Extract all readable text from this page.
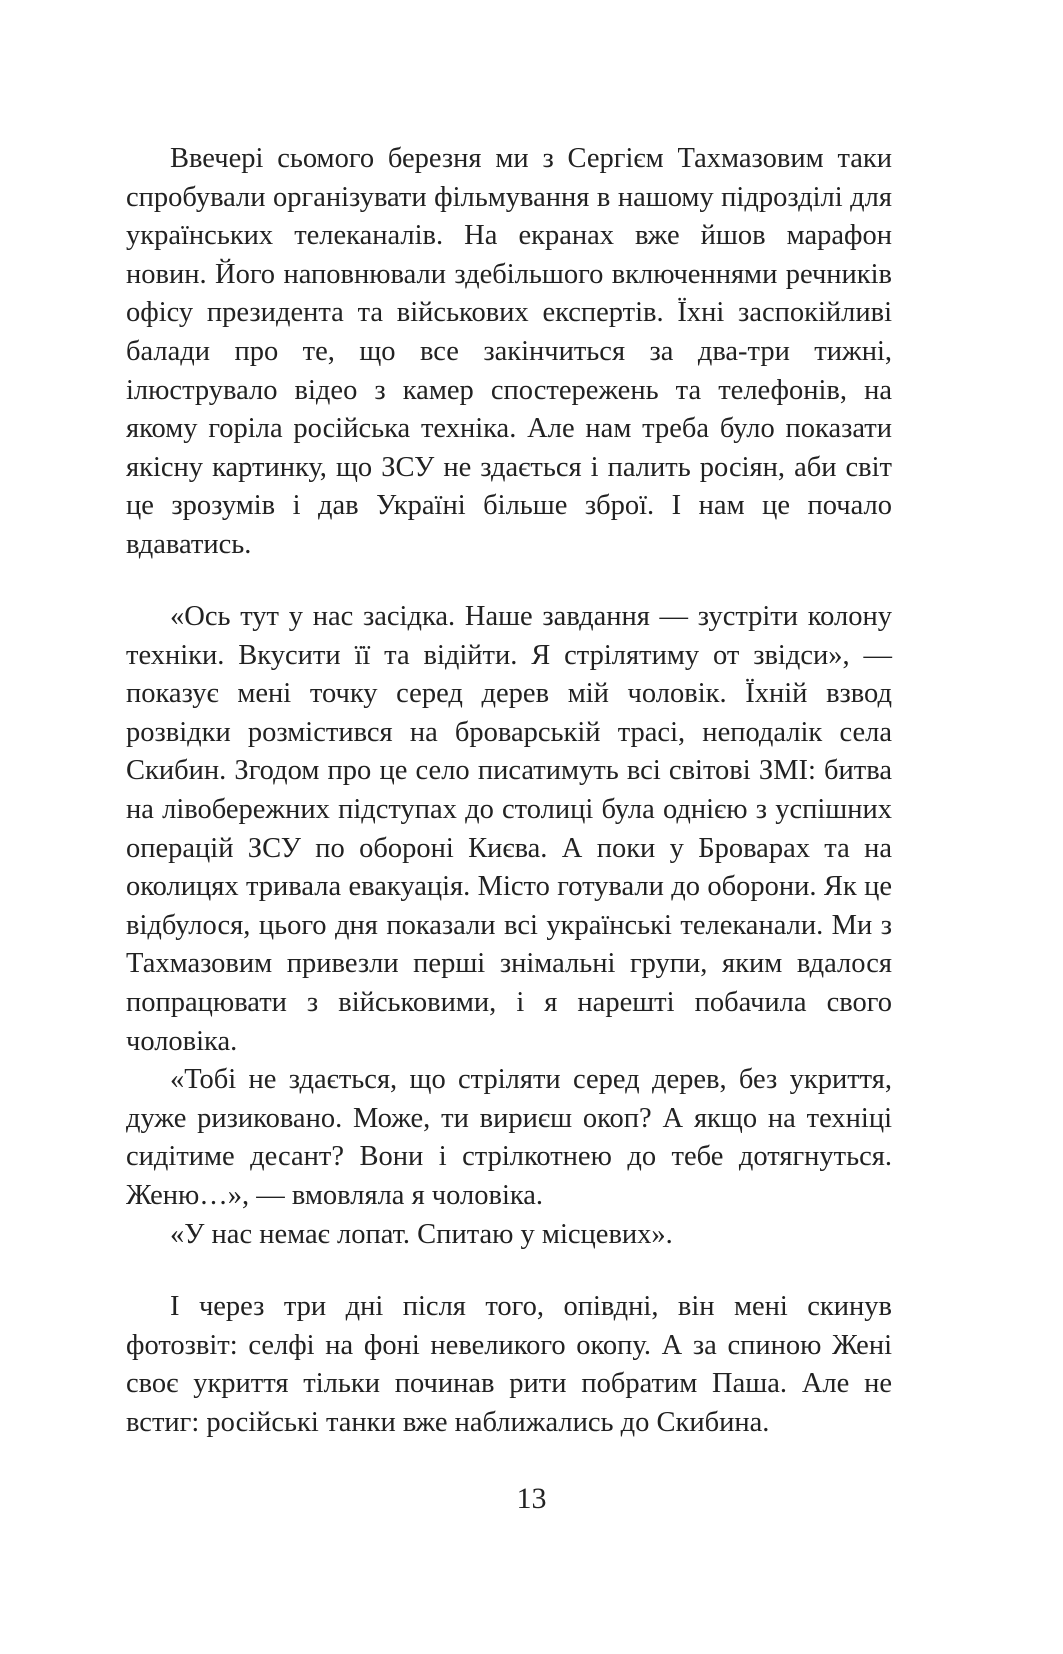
Ввечері сьомого березня ми з Сергієм Тахмазовим таки спробували організувати фільмування в нашому підрозділі для українських телеканалів. На екранах вже йшов марафон новин. Його наповнювали здебільшого включеннями речників офісу президента та військових експертів. Їхні заспокійливі балади про те, що все закінчиться за два-три тижні, ілюструвало відео з камер спостережень та телефонів, на якому горіла російська техніка. Але нам треба було показати якісну картинку, що ЗСУ не здається і палить росіян, аби світ це зрозумів і дав Україні більше зброї. І нам це почало вдаватись.

«Ось тут у нас засідка. Наше завдання — зустріти колону техніки. Вкусити її та відійти. Я стрілятиму от звідси», — показує мені точку серед дерев мій чоловік. Їхній взвод розвідки розмістився на броварській трасі, неподалік села Скибин. Згодом про це село писатимуть всі світові ЗМІ: битва на лівобережних підступах до столиці була однією з успішних операцій ЗСУ по обороні Києва. А поки у Броварах та на околицях тривала евакуація. Місто готували до оборони. Як це відбулося, цього дня показали всі українські телеканали. Ми з Тахмазовим привезли перші знімальні групи, яким вдалося попрацювати з військовими, і я нарешті побачила свого чоловіка.

«Тобі не здається, що стріляти серед дерев, без укриття, дуже ризиковано. Може, ти вириєш окоп? А якщо на техніці сидітиме десант? Вони і стрілкотнею до тебе дотягнуться. Женю…», — вмовляла я чоловіка.

«У нас немає лопат. Спитаю у місцевих».

І через три дні після того, опівдні, він мені скинув фотозвіт: селфі на фоні невеликого окопу. А за спиною Жені своє укриття тільки починав рити побратим Паша. Але не встиг: російські танки вже наближались до Скибина.

13
